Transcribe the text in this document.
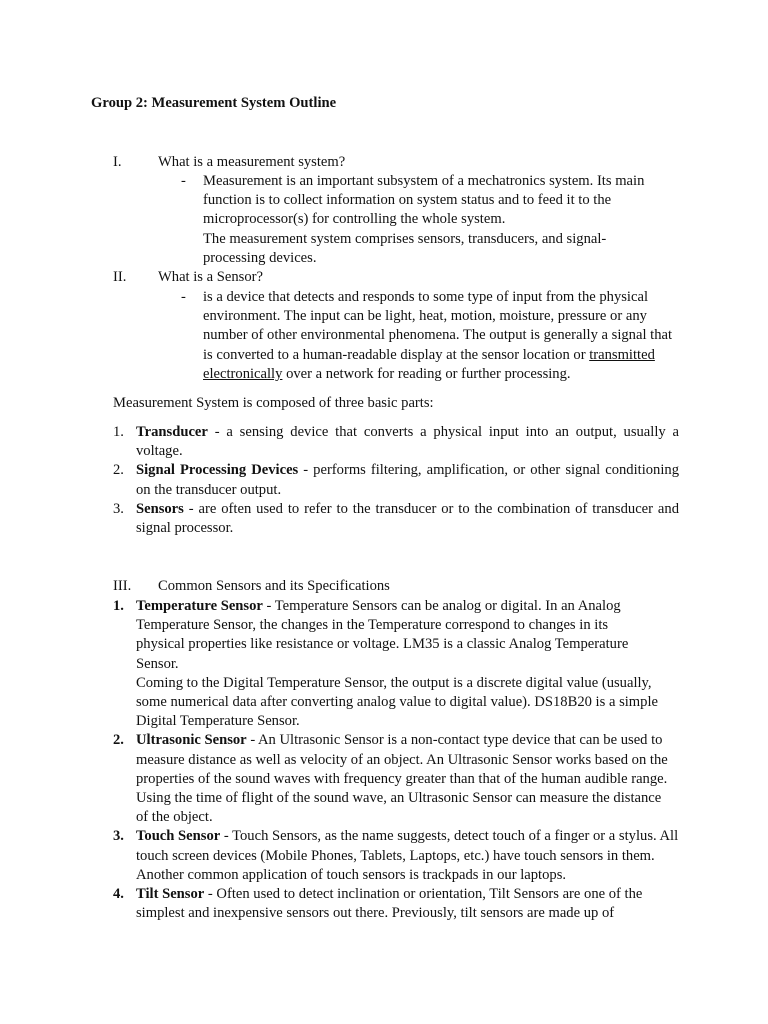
Group 2: Measurement System Outline
I.	What is a measurement system?
- Measurement is an important subsystem of a mechatronics system. Its main function is to collect information on system status and to feed it to the microprocessor(s) for controlling the whole system.

The measurement system comprises sensors, transducers, and signal-processing devices.

II.	What is a Sensor?
- is a device that detects and responds to some type of input from the physical environment. The input can be light, heat, motion, moisture, pressure or any number of other environmental phenomena. The output is generally a signal that is converted to a human-readable display at the sensor location or transmitted electronically over a network for reading or further processing.

Measurement System is composed of three basic parts:
1. Transducer - a sensing device that converts a physical input into an output, usually a voltage.
2. Signal Processing Devices - performs filtering, amplification, or other signal conditioning on the transducer output.
3. Sensors - are often used to refer to the transducer or to the combination of transducer and signal processor.
III.	Common Sensors and its Specifications
1. Temperature Sensor - Temperature Sensors can be analog or digital. In an Analog Temperature Sensor, the changes in the Temperature correspond to changes in its physical properties like resistance or voltage. LM35 is a classic Analog Temperature Sensor.

Coming to the Digital Temperature Sensor, the output is a discrete digital value (usually, some numerical data after converting analog value to digital value). DS18B20 is a simple Digital Temperature Sensor.

2. Ultrasonic Sensor - An Ultrasonic Sensor is a non-contact type device that can be used to measure distance as well as velocity of an object. An Ultrasonic Sensor works based on the properties of the sound waves with frequency greater than that of the human audible range. Using the time of flight of the sound wave, an Ultrasonic Sensor can measure the distance of the object.

3. Touch Sensor - Touch Sensors, as the name suggests, detect touch of a finger or a stylus. All touch screen devices (Mobile Phones, Tablets, Laptops, etc.) have touch sensors in them. Another common application of touch sensors is trackpads in our laptops.

4. Tilt Sensor - Often used to detect inclination or orientation, Tilt Sensors are one of the simplest and inexpensive sensors out there. Previously, tilt sensors are made up of
